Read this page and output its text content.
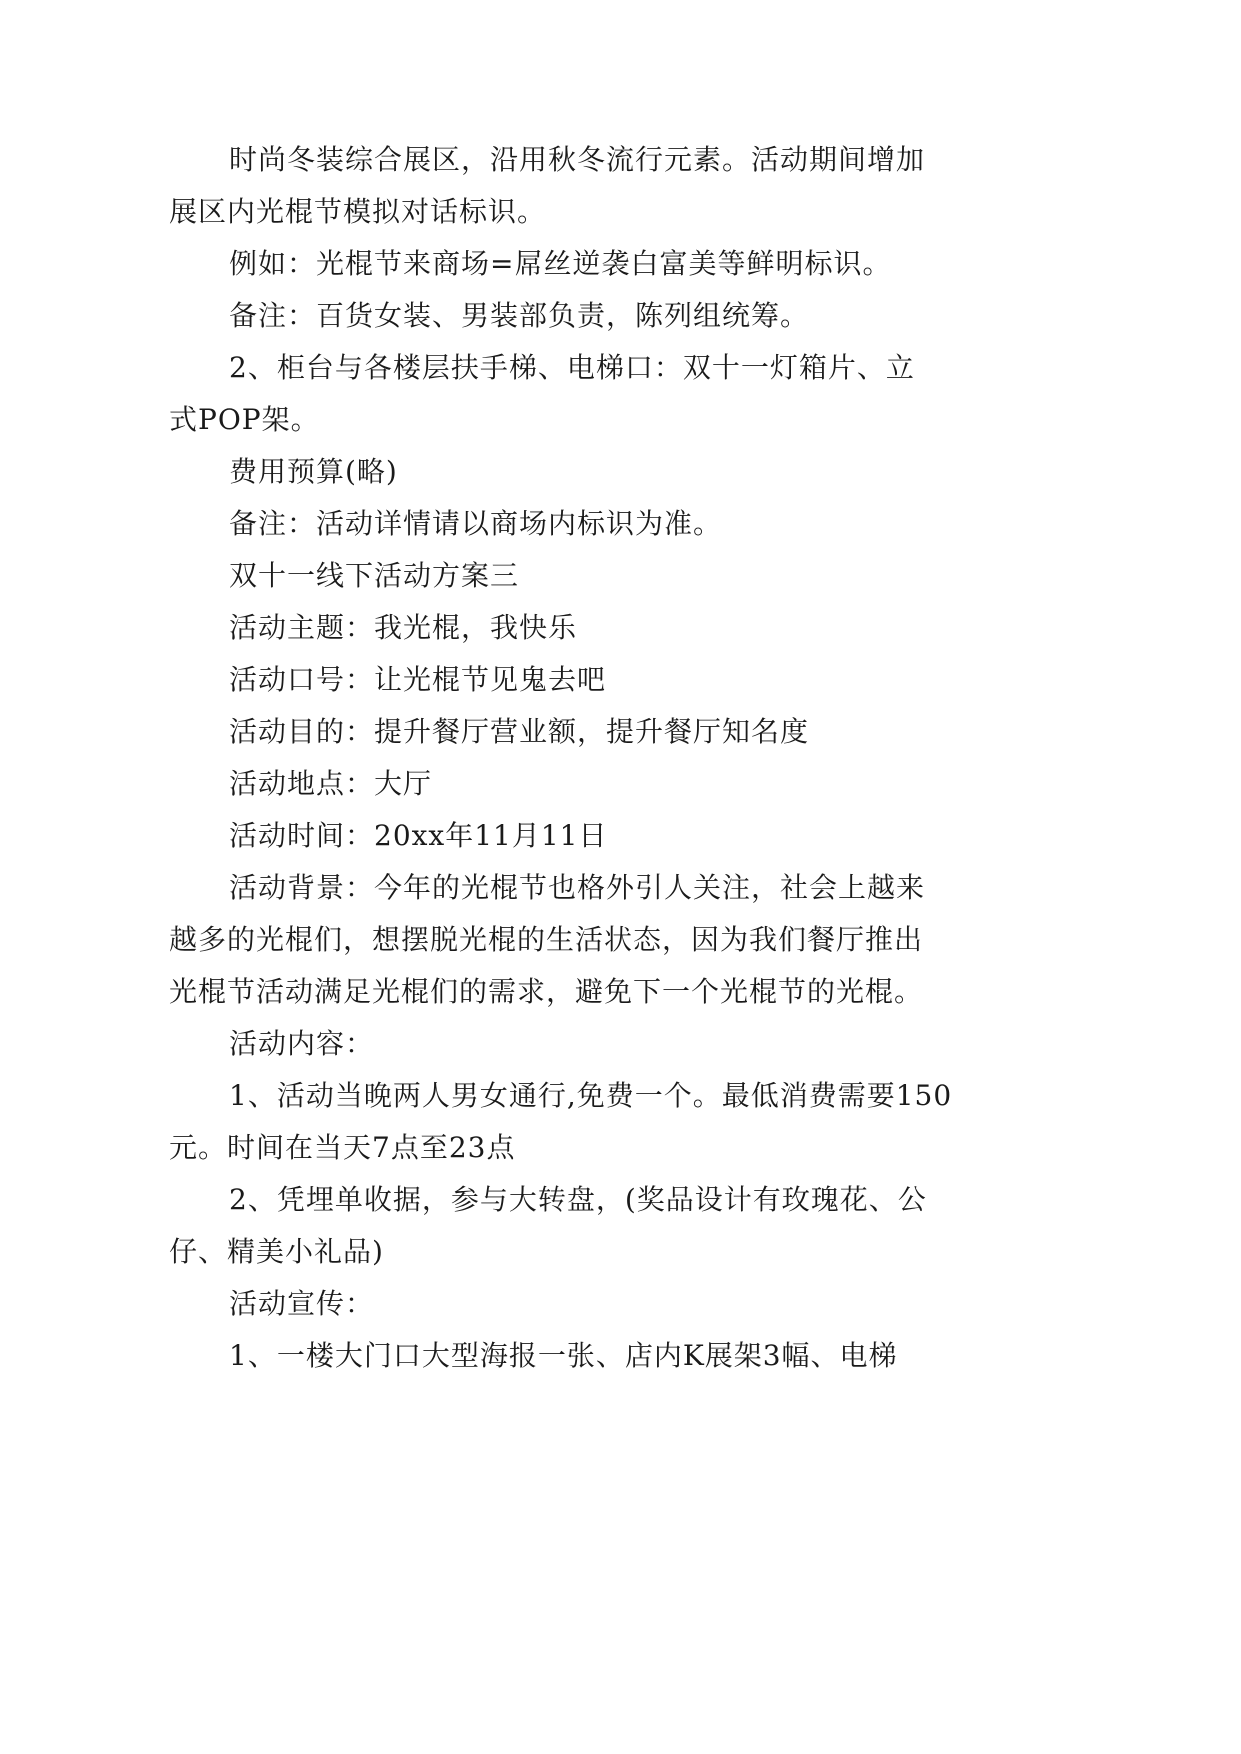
时尚冬装综合展区，沿用秋冬流行元素。活动期间增加
展区内光棍节模拟对话标识。
例如：光棍节来商场=屌丝逆袭白富美等鲜明标识。
备注：百货女装、男装部负责，陈列组统筹。
2、柜台与各楼层扶手梯、电梯口：双十一灯箱片、立
式POP架。
费用预算(略)
备注：活动详情请以商场内标识为准。
双十一线下活动方案三
活动主题：我光棍，我快乐
活动口号：让光棍节见鬼去吧
活动目的：提升餐厅营业额，提升餐厅知名度
活动地点：大厅
活动时间：20xx年11月11日
活动背景：今年的光棍节也格外引人关注，社会上越来
越多的光棍们，想摆脱光棍的生活状态，因为我们餐厅推出
光棍节活动满足光棍们的需求，避免下一个光棍节的光棍。
活动内容：
1、活动当晚两人男女通行,免费一个。最低消费需要150
元。时间在当天7点至23点
2、凭埋单收据，参与大转盘，(奖品设计有玫瑰花、公
仔、精美小礼品)
活动宣传：
1、一楼大门口大型海报一张、店内K展架3幅、电梯
